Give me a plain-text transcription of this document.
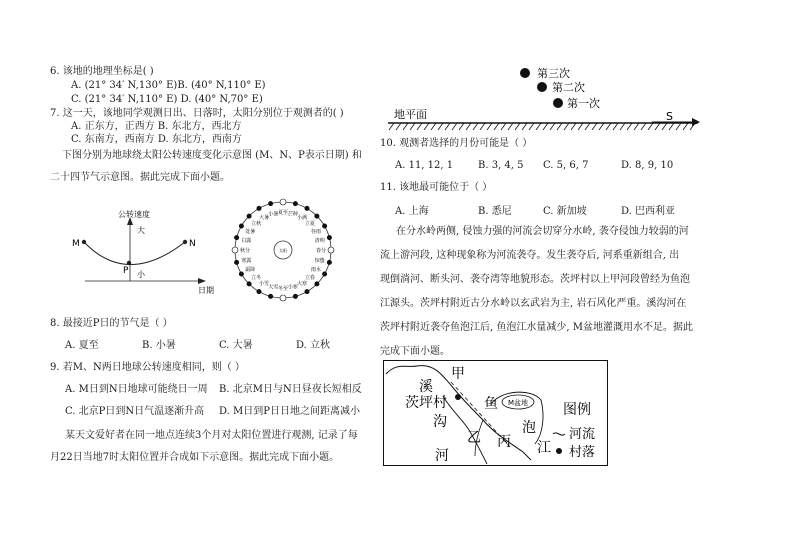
6. 该地的地理坐标是( )
A. (21° 34′ N,130° E)B. (40° N,110° E)
C. (21° 34′ N,110° E) D. (40° N,70° E)
7. 这一天，该地同学观测日出、日落时，太阳分别位于观测者的( )
A. 正东方，正西方 B. 东北方，西北方
C. 东南方，西南方 D. 东北方，西南方
下图分别为地球绕太阳公转速度变化示意图 (M、N、P表示日期) 和
二十四节气示意图。据此完成下面小题。
公转速度
大
小
日期
M	N
P
太阳	春分
清明
谷雨
立夏
小满
芒种
夏至
小暑
大暑
立秋
处暑
白露
秋分
寒露
霜降
立冬
小雪
大雪 冬至 小寒
大寒
立春
雨水
惊蛰
8. 最接近P日的节气是（ ）
A. 夏至	B. 小暑	C. 大暑	D. 立秋
9. 若M、N两日地球公转速度相同，则（ ）
A. M日到N日地球可能绕日一周 B. 北京M日与N日昼夜长短相反
C. 北京P日到N日气温逐渐升高 D. M日到P日日地之间距离减小
某天文爱好者在同一地点连续3个月对太阳位置进行观测, 记录了每
月22日当地7时太阳位置并合成如下示意图。据此完成下面小题。
第三次
第二次
第一次
地平面	S
10. 观测者选择的月份可能是（ ）
A. 11, 12, 1 B. 3, 4, 5 C. 5, 6, 7	D. 8, 9, 10
11. 该地最可能位于（ ）
A. 上海	B. 悉尼	C. 新加坡	D. 巴西利亚
在分水岭两侧, 侵蚀力强的河流会切穿分水岭, 袭夺侵蚀力较弱的河
流上游河段, 这种现象称为河流袭夺。发生袭夺后, 河系重新组合, 出
现倒淌河、断头河、袭夺湾等地貌形态。茨坪村以上甲河段曾经为鱼泡
江源头。茨坪村附近古分水岭以玄武岩为主, 岩石风化严重。溪沟河在
茨坪村附近袭夺鱼泡江后, 鱼泡江水量减少, M盆地灌溉用水不足。据此
完成下面小题。
溪
甲
茨坪村
沟
乙
河
鱼 M盆地
泡
丙 江
图例
河流
村落
